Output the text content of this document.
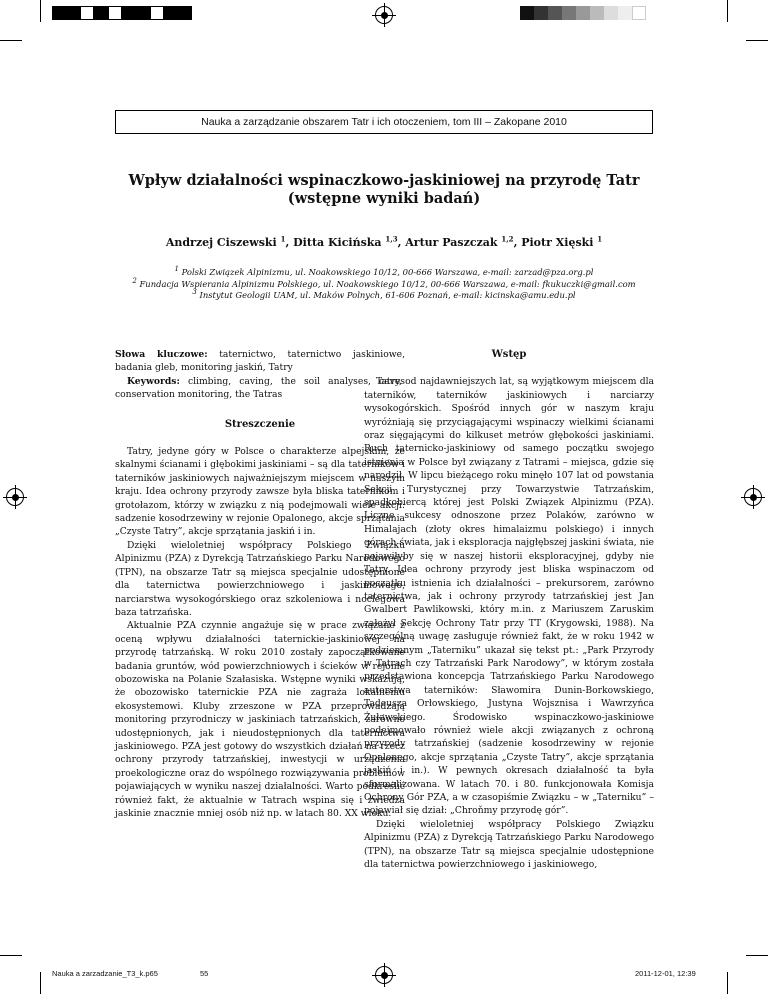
Nauka a zarządzanie obszarem Tatr i ich otoczeniem, tom III – Zakopane 2010
Wpływ działalności wspinaczkowo-jaskiniowej na przyrodę Tatr
(wstępne wyniki badań)
Andrzej Ciszewski $^1$, Ditta Kicińska $^{1,3}$, Artur Paszczak $^{1,2}$, Piotr Xięski $^1$
$^1$ Polski Związek Alpinizmu, ul. Noakowskiego 10/12, 00-666 Warszawa, e-mail: zarzad@pza.org.pl
$^2$ Fundacja Wspierania Alpinizmu Polskiego, ul. Noakowskiego 10/12, 00-666 Warszawa, e-mail: fkukuczki@gmail.com
$^3$ Instytut Geologii UAM, ul. Maków Polnych, 61-606 Poznań, e-mail: kicinska@amu.edu.pl

Słowa kluczowe: taternictwo, taternictwo jaskiniowe, badania gleb, monitoring jaskiń, Tatry

Keywords: climbing, caving, the soil analyses, caves conservation monitoring, the Tatras

Streszczenie

Tatry, jedyne góry w Polsce o charakterze alpejskim, ze skalnymi ścianami i głębokimi jaskiniami – są dla taterników i taterników jaskiniowych najważniejszym miejscem w naszym kraju. Idea ochrony przyrody zawsze była bliska taternikom i grotołazom, którzy w związku z nią podejmowali wiele akcji: sadzenie kosodrzewiny w rejonie Opalonego, akcje sprzątania „Czyste Tatry”, akcje sprzątania jaskiń i in.

Dzięki wieloletniej współpracy Polskiego Związku Alpinizmu (PZA) z Dyrekcją Tatrzańskiego Parku Narodowego (TPN), na obszarze Tatr są miejsca specjalnie udostępnione dla taternictwa powierzchniowego i jaskiniowego, narciarstwa wysokogórskiego oraz szkoleniowa i noclegowa baza tatrzańska.

Aktualnie PZA czynnie angażuje się w prace związane z oceną wpływu działalności taternickie-jaskiniowej na przyrodę tatrzańską. W roku 2010 zostały zapoczątkowane badania gruntów, wód powierzchniowych i ścieków w rejonie obozowiska na Polanie Szałasiska. Wstępne wyniki wskazują, że obozowisko taternickie PZA nie zagraża lokalnemu ekosystemowi. Kluby zrzeszone w PZA przeprowadzają monitoring przyrodniczy w jaskiniach tatrzańskich, zarówno udostępnionych, jak i nieudostępnionych dla taternictwa jaskiniowego. PZA jest gotowy do wszystkich działań na rzecz ochrony przyrody tatrzańskiej, inwestycji w urządzenia proekologiczne oraz do wspólnego rozwiązywania problemów pojawiających w wyniku naszej działalności. Warto podkreślić również fakt, że aktualnie w Tatrach wspina się i zwiedza jaskinie znacznie mniej osób niż np. w latach 80. XX wieku.

Wstęp

Tatry, od najdawniejszych lat, są wyjątkowym miejscem dla taterników, taterników jaskiniowych i narciarzy wysokogórskich. Spośród innych gór w naszym kraju wyróżniają się przyciągającymi wspinaczy wielkimi ścianami oraz sięgającymi do kilkuset metrów głębokości jaskiniami. Ruch taternicko-jaskiniowy od samego początku swojego istnienia w Polsce był związany z Tatrami – miejsca, gdzie się narodził. W lipcu bieżącego roku minęło 107 lat od powstania Sekcji Turystycznej przy Towarzystwie Tatrzańskim, spadkobiercą której jest Polski Związek Alpinizmu (PZA). Liczne sukcesy odnoszone przez Polaków, zarówno w Himalajach (złoty okres himalaizmu polskiego) i innych górach świata, jak i eksploracja najgłębszej jaskini świata, nie pojawiłyby się w naszej historii eksploracyjnej, gdyby nie Tatry. Idea ochrony przyrody jest bliska wspinaczom od początku istnienia ich działalności – prekursorem, zarówno taternictwa, jak i ochrony przyrody tatrzańskiej jest Jan Gwalbert Pawlikowski, który m.in. z Mariuszem Zaruskim założył Sekcję Ochrony Tatr przy TT (Krygowski, 1988). Na szczególną uwagę zasługuje również fakt, że w roku 1942 w podziemnym „Taterniku” ukazał się tekst pt.: „Park Przyrody w Tatrach czy Tatrzański Park Narodowy”, w którym została przedstawiona koncepcja Tatrzańskiego Parku Narodowego autorstwa taterników: Sławomira Dunin-Borkowskiego, Tadeusza Orłowskiego, Justyna Wojsznisa i Wawrzyńca Żuławskiego. Środowisko wspinaczkowo-jaskiniowe podejmowało również wiele akcji związanych z ochroną przyrody tatrzańskiej (sadzenie kosodrzewiny w rejonie Opalonego, akcje sprzątania „Czyste Tatry”, akcje sprzątania jaskiń i in.). W pewnych okresach działalność ta była sformalizowana. W latach 70. i 80. funkcjonowała Komisja Ochrony Gór PZA, a w czasopiśmie Związku – w „Taterniku” – pojawiał się dział: „Chroňmy przyrodę gór”.

Dzięki wieloletniej współpracy Polskiego Związku Alpinizmu (PZA) z Dyrekcją Tatrzańskiego Parku Narodowego (TPN), na obszarze Tatr są miejsca specjalnie udostępnione dla taternictwa powierzchniowego i jaskiniowego,

Nauka a zarzadzanie_T3_k.p65	55	2011-12-01, 12:39
